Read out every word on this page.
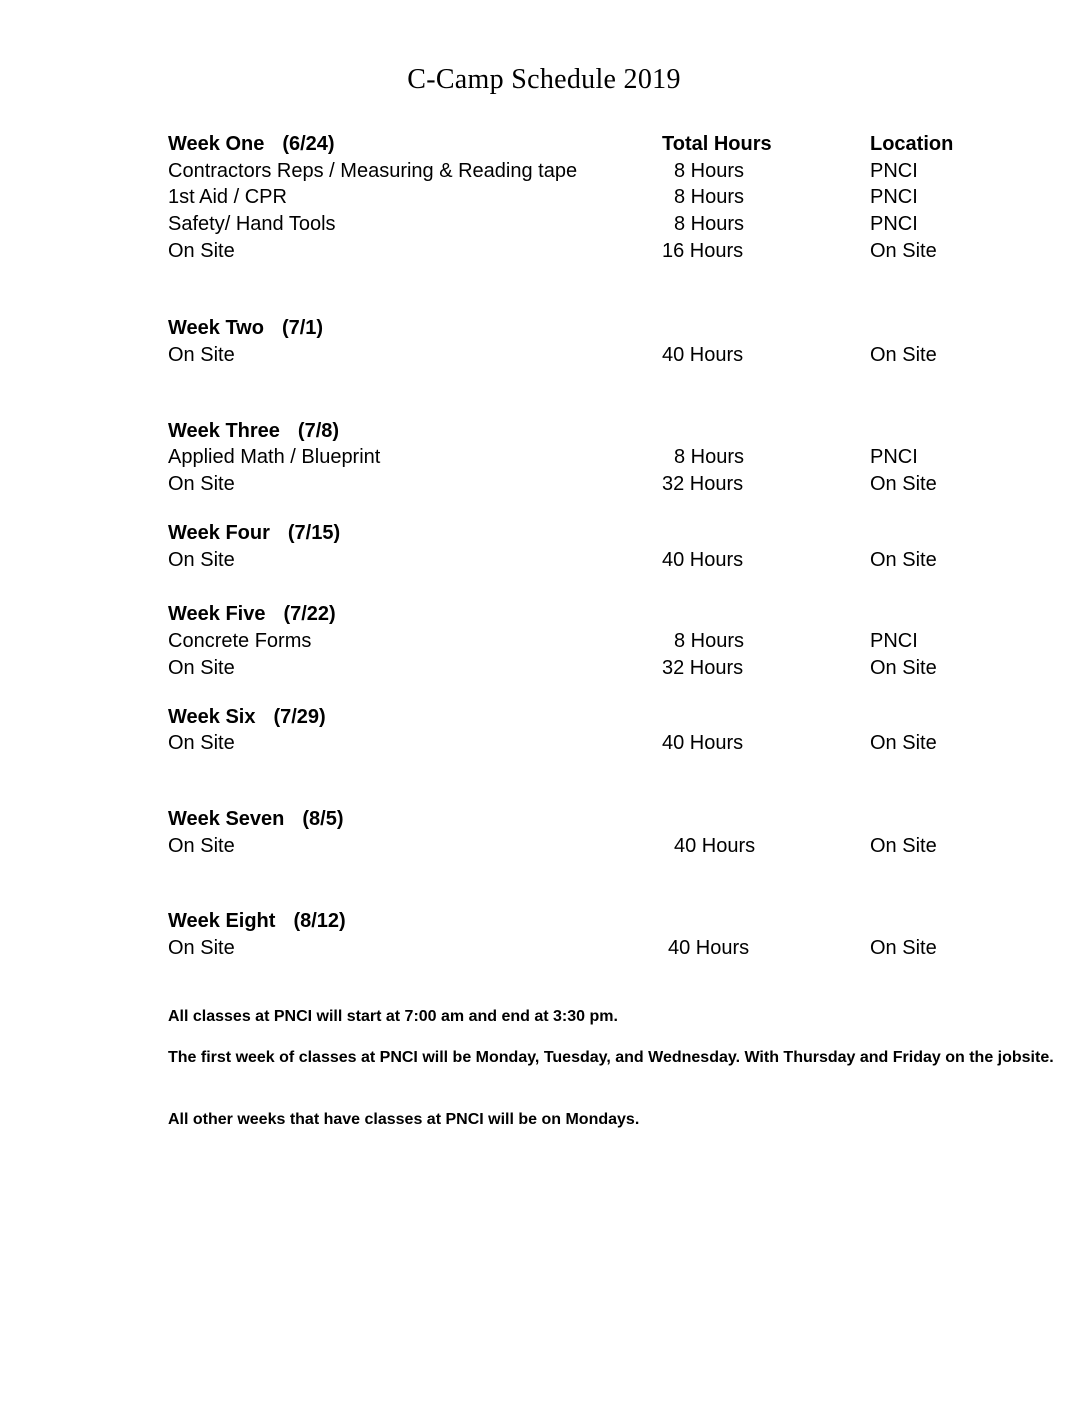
C-Camp Schedule 2019
Week One (6/24)	Total Hours	Location
Contractors Reps / Measuring & Reading tape	8 Hours	PNCI
1st Aid / CPR	8 Hours	PNCI
Safety/ Hand Tools	8 Hours	PNCI
On Site	16 Hours	On Site
Week Two (7/1)
On Site	40 Hours	On Site
Week Three (7/8)
Applied Math / Blueprint	8 Hours	PNCI
On Site	32 Hours	On Site
Week Four (7/15)
On Site	40 Hours	On Site
Week Five (7/22)
Concrete Forms	8 Hours	PNCI
On Site	32 Hours	On Site
Week Six (7/29)
On Site	40 Hours	On Site
Week Seven (8/5)
On Site	40 Hours	On Site
Week Eight (8/12)
On Site	40 Hours	On Site
All classes at PNCI will start at 7:00 am and end at 3:30 pm.
The first week of classes at PNCI will be Monday, Tuesday, and Wednesday. With Thursday and Friday on the jobsite.
All other weeks that have classes at PNCI will be on Mondays.
